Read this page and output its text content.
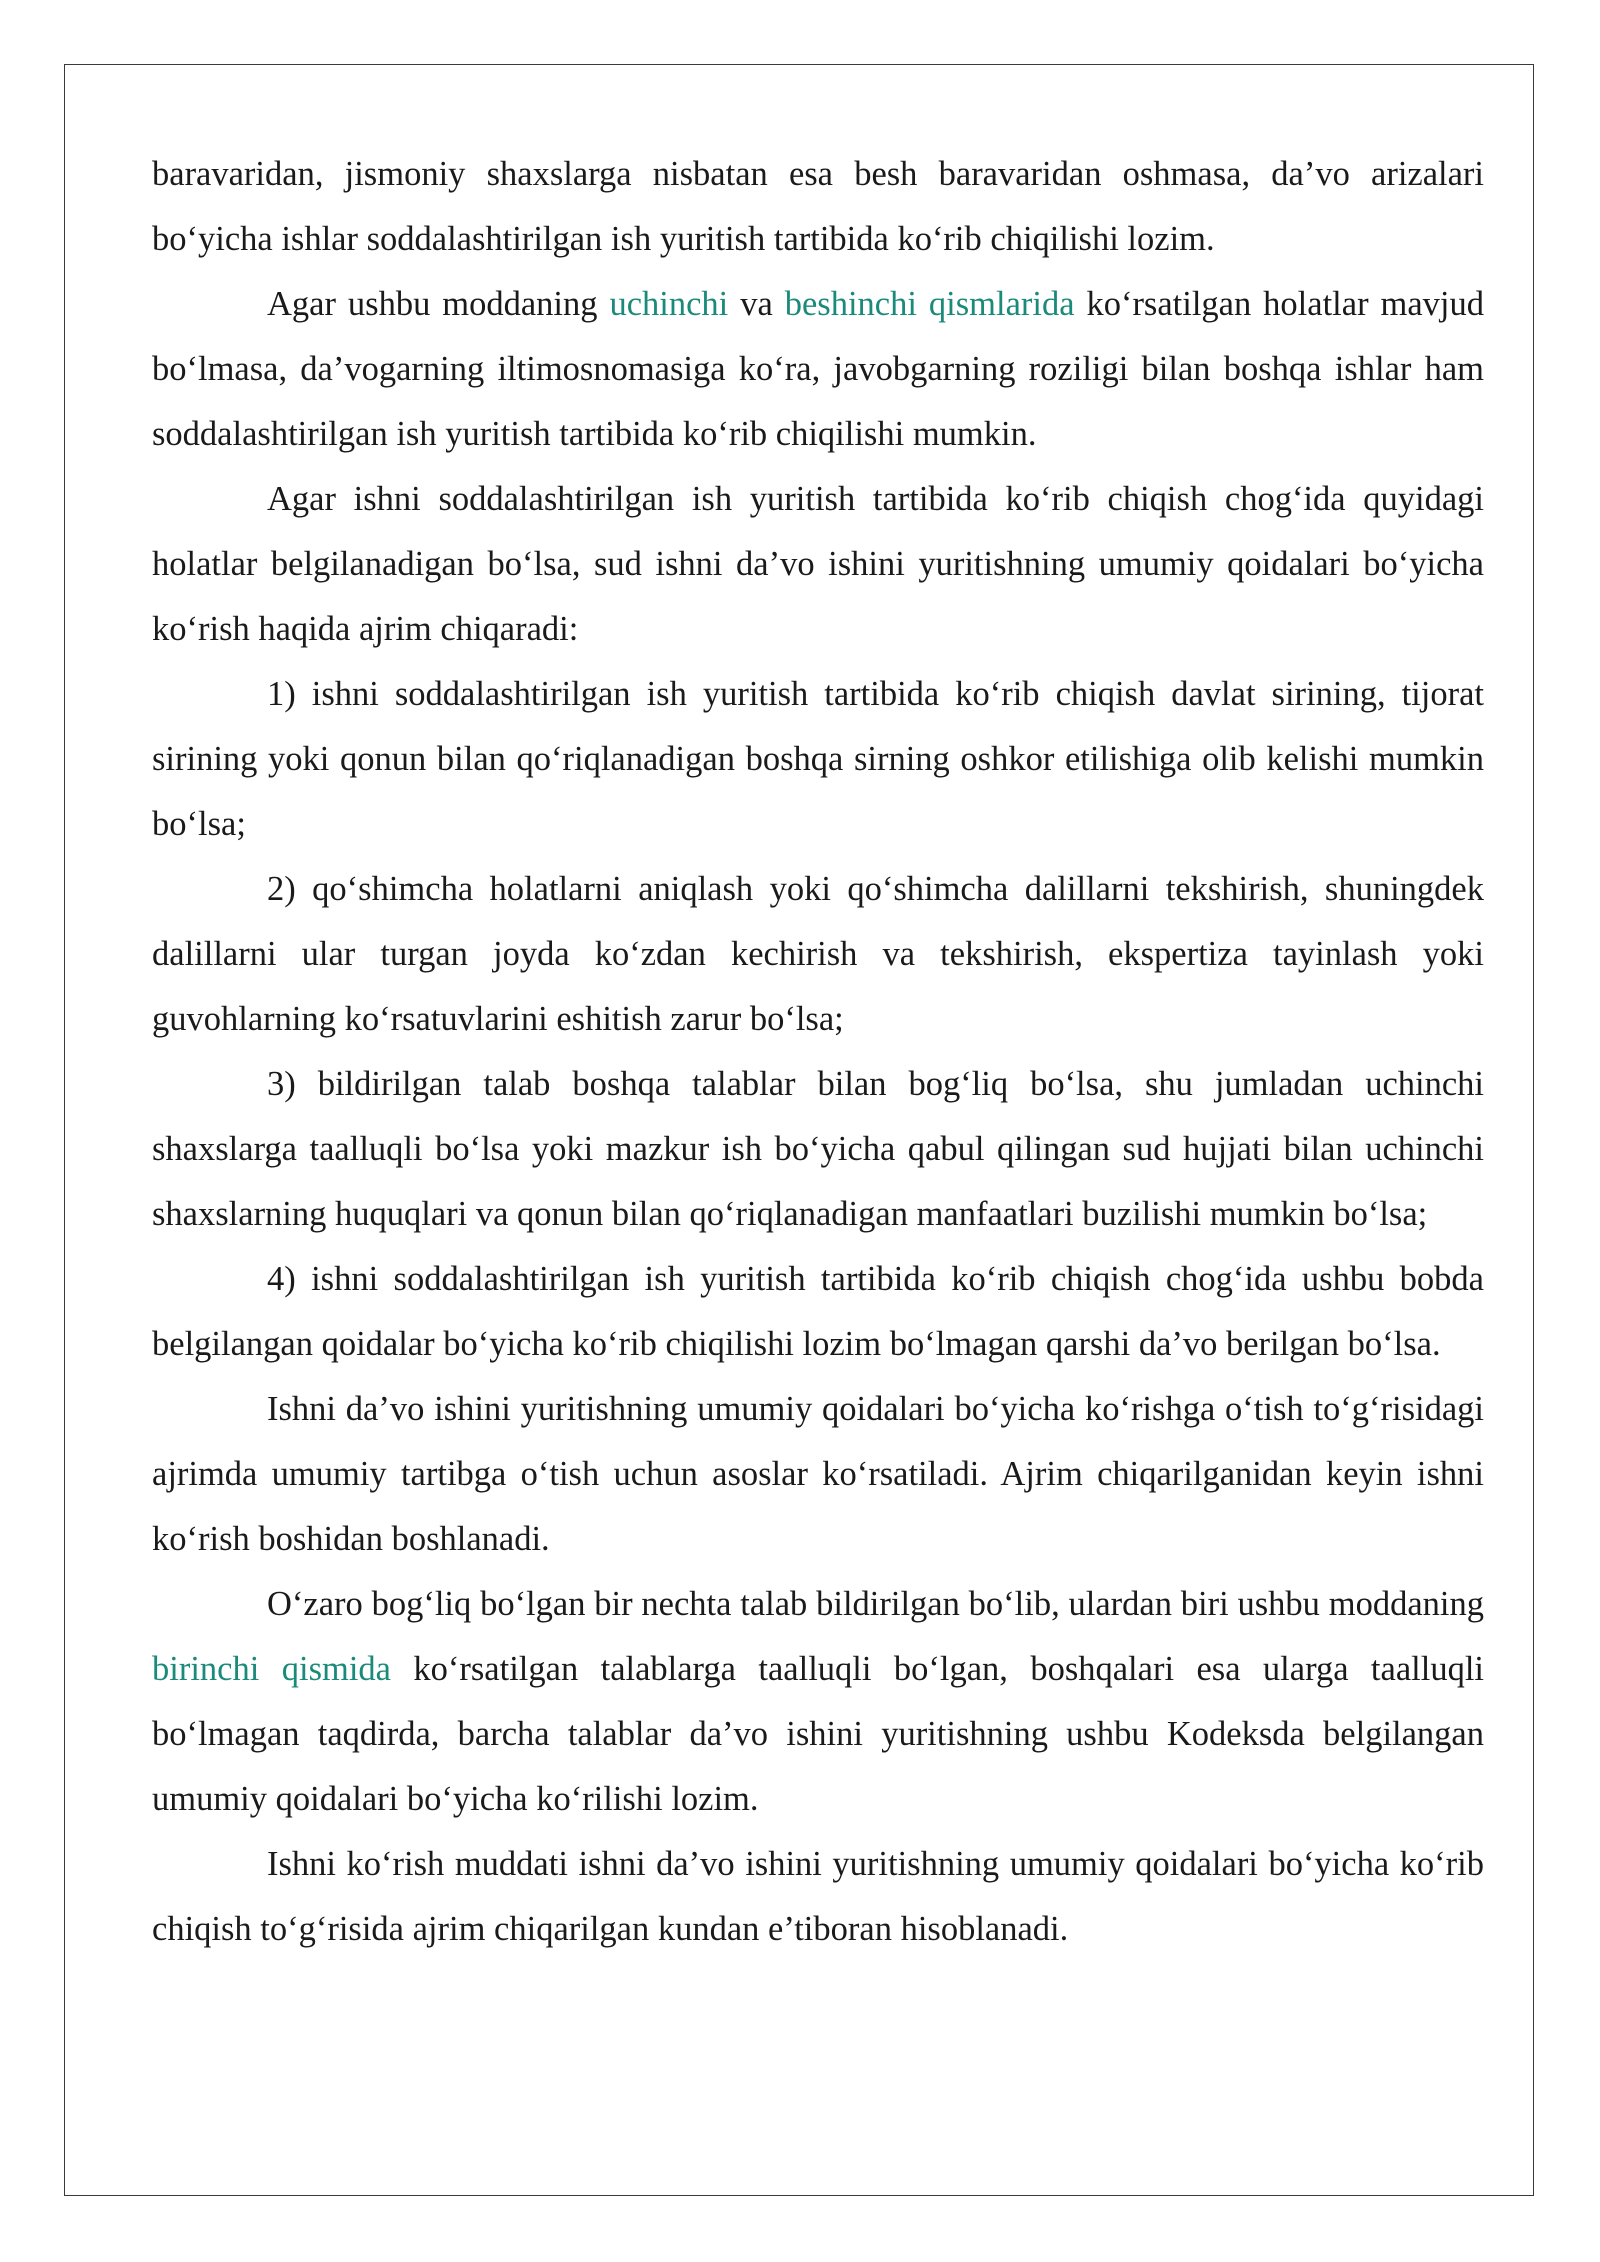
baravaridan, jismoniy shaxslarga nisbatan esa besh baravaridan oshmasa, da’vo arizalari bo‘yicha ishlar soddalashtirilgan ish yuritish tartibida ko‘rib chiqilishi lozim.

Agar ushbu moddaning uchinchi va beshinchi qismlarida ko‘rsatilgan holatlar mavjud bo‘lmasa, da’vogarning iltimosnomasiga ko‘ra, javobgarning roziligi bilan boshqa ishlar ham soddalashtirilgan ish yuritish tartibida ko‘rib chiqilishi mumkin.

Agar ishni soddalashtirilgan ish yuritish tartibida ko‘rib chiqish chog‘ida quyidagi holatlar belgilanadigan bo‘lsa, sud ishni da’vo ishini yuritishning umumiy qoidalari bo‘yicha ko‘rish haqida ajrim chiqaradi:

1) ishni soddalashtirilgan ish yuritish tartibida ko‘rib chiqish davlat sirining, tijorat sirining yoki qonun bilan qo‘riqlanadigan boshqa sirning oshkor etilishiga olib kelishi mumkin bo‘lsa;

2) qo‘shimcha holatlarni aniqlash yoki qo‘shimcha dalillarni tekshirish, shuningdek dalillarni ular turgan joyda ko‘zdan kechirish va tekshirish, ekspertiza tayinlash yoki guvohlarning ko‘rsatuvlarini eshitish zarur bo‘lsa;

3) bildirilgan talab boshqa talablar bilan bog‘liq bo‘lsa, shu jumladan uchinchi shaxslarga taalluqli bo‘lsa yoki mazkur ish bo‘yicha qabul qilingan sud hujjati bilan uchinchi shaxslarning huquqlari va qonun bilan qo‘riqlanadigan manfaatlari buzilishi mumkin bo‘lsa;

4) ishni soddalashtirilgan ish yuritish tartibida ko‘rib chiqish chog‘ida ushbu bobda belgilangan qoidalar bo‘yicha ko‘rib chiqilishi lozim bo‘lmagan qarshi da’vo berilgan bo‘lsa.

Ishni da’vo ishini yuritishning umumiy qoidalari bo‘yicha ko‘rishga o‘tish to‘g‘risidagi ajrimda umumiy tartibga o‘tish uchun asoslar ko‘rsatiladi. Ajrim chiqarilganidan keyin ishni ko‘rish boshidan boshlanadi.

O‘zaro bog‘liq bo‘lgan bir nechta talab bildirilgan bo‘lib, ulardan biri ushbu moddaning birinchi qismida ko‘rsatilgan talablarga taalluqli bo‘lgan, boshqalari esa ularga taalluqli bo‘lmagan taqdirda, barcha talablar da’vo ishini yuritishning ushbu Kodeksda belgilangan umumiy qoidalari bo‘yicha ko‘rilishi lozim.

Ishni ko‘rish muddati ishni da’vo ishini yuritishning umumiy qoidalari bo‘yicha ko‘rib chiqish to‘g‘risida ajrim chiqarilgan kundan e’tiboran hisoblanadi.
